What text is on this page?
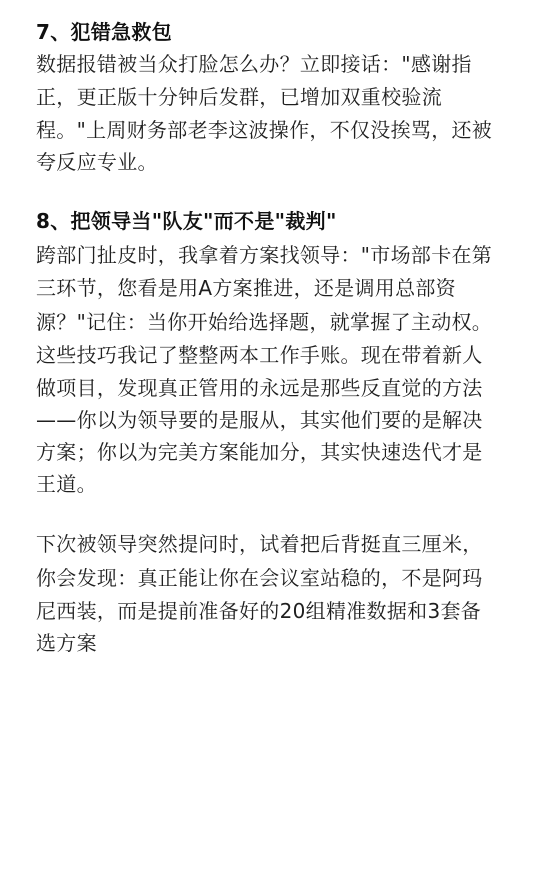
7、犯错急救包
数据报错被当众打脸怎么办？立即接话："感谢指
正，更正版十分钟后发群，已增加双重校验流
程。"上周财务部老李这波操作，不仅没挨骂，还被
夸反应专业。
8、把领导当"队友"而不是"裁判"
跨部门扯皮时，我拿着方案找领导："市场部卡在第
三环节，您看是用A方案推进，还是调用总部资
源？"记住：当你开始给选择题，就掌握了主动权。
这些技巧我记了整整两本工作手账。现在带着新人
做项目，发现真正管用的永远是那些反直觉的方法
——你以为领导要的是服从，其实他们要的是解决
方案；你以为完美方案能加分，其实快速迭代才是
王道。
下次被领导突然提问时，试着把后背挺直三厘米，
你会发现：真正能让你在会议室站稳的，不是阿玛
尼西装，而是提前准备好的20组精准数据和3套备
选方案
